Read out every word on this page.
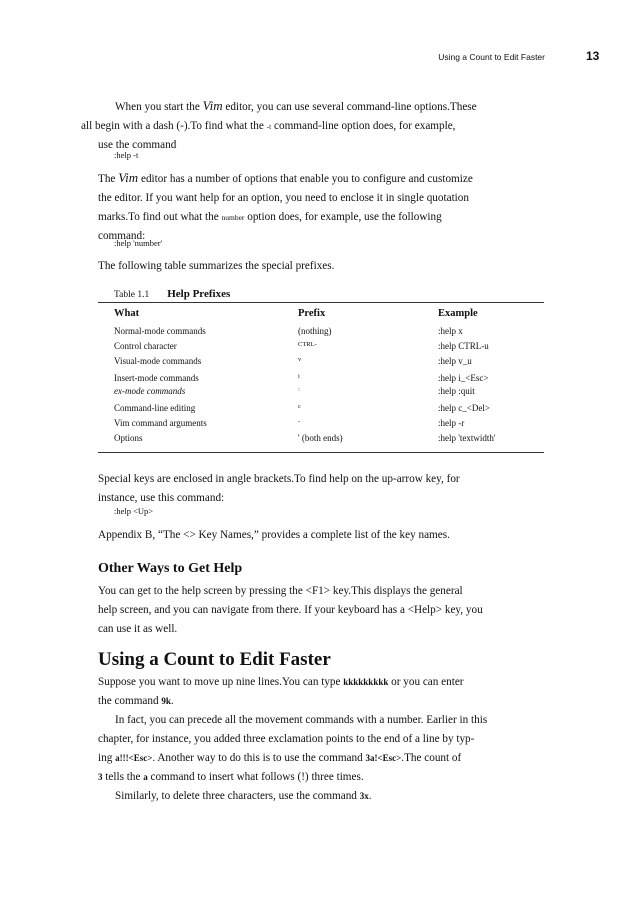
Using a Count to Edit Faster	13
When you start the Vim editor, you can use several command-line options.These
all begin with a dash (-).To find what the -t command-line option does, for example,
use the command
:help -t
The Vim editor has a number of options that enable you to configure and customize
the editor. If you want help for an option, you need to enclose it in single quotation
marks.To find out what the number option does, for example, use the following
command:
:help 'number'
The following table summarizes the special prefixes.
Table 1.1 Help Prefixes
What	Prefix	Example
Normal-mode commands	(nothing)	:help x
Control character	CTRL-	:help CTRL-u
Visual-mode commands	v	:help v_u
Insert-mode commands	i	:help i_<Esc>
ex-mode commands	:	:help :quit
Command-line editing	c	:help c_<Del>
Vim command arguments	-	:help -r
Options	' (both ends)	:help 'textwidth'
Special keys are enclosed in angle brackets.To find help on the up-arrow key, for
instance, use this command:
:help <Up>
Appendix B, “The <> Key Names,” provides a complete list of the key names.
Other Ways to Get Help
You can get to the help screen by pressing the <F1> key.This displays the general
help screen, and you can navigate from there. If your keyboard has a <Help> key, you
can use it as well.
Using a Count to Edit Faster
Suppose you want to move up nine lines.You can type kkkkkkkkk or you can enter
the command 9k.
In fact, you can precede all the movement commands with a number. Earlier in this
chapter, for instance, you added three exclamation points to the end of a line by typ-
ing a!!!<Esc>. Another way to do this is to use the command 3a!<Esc>.The count of
3 tells the a command to insert what follows (!) three times.
Similarly, to delete three characters, use the command 3x.
